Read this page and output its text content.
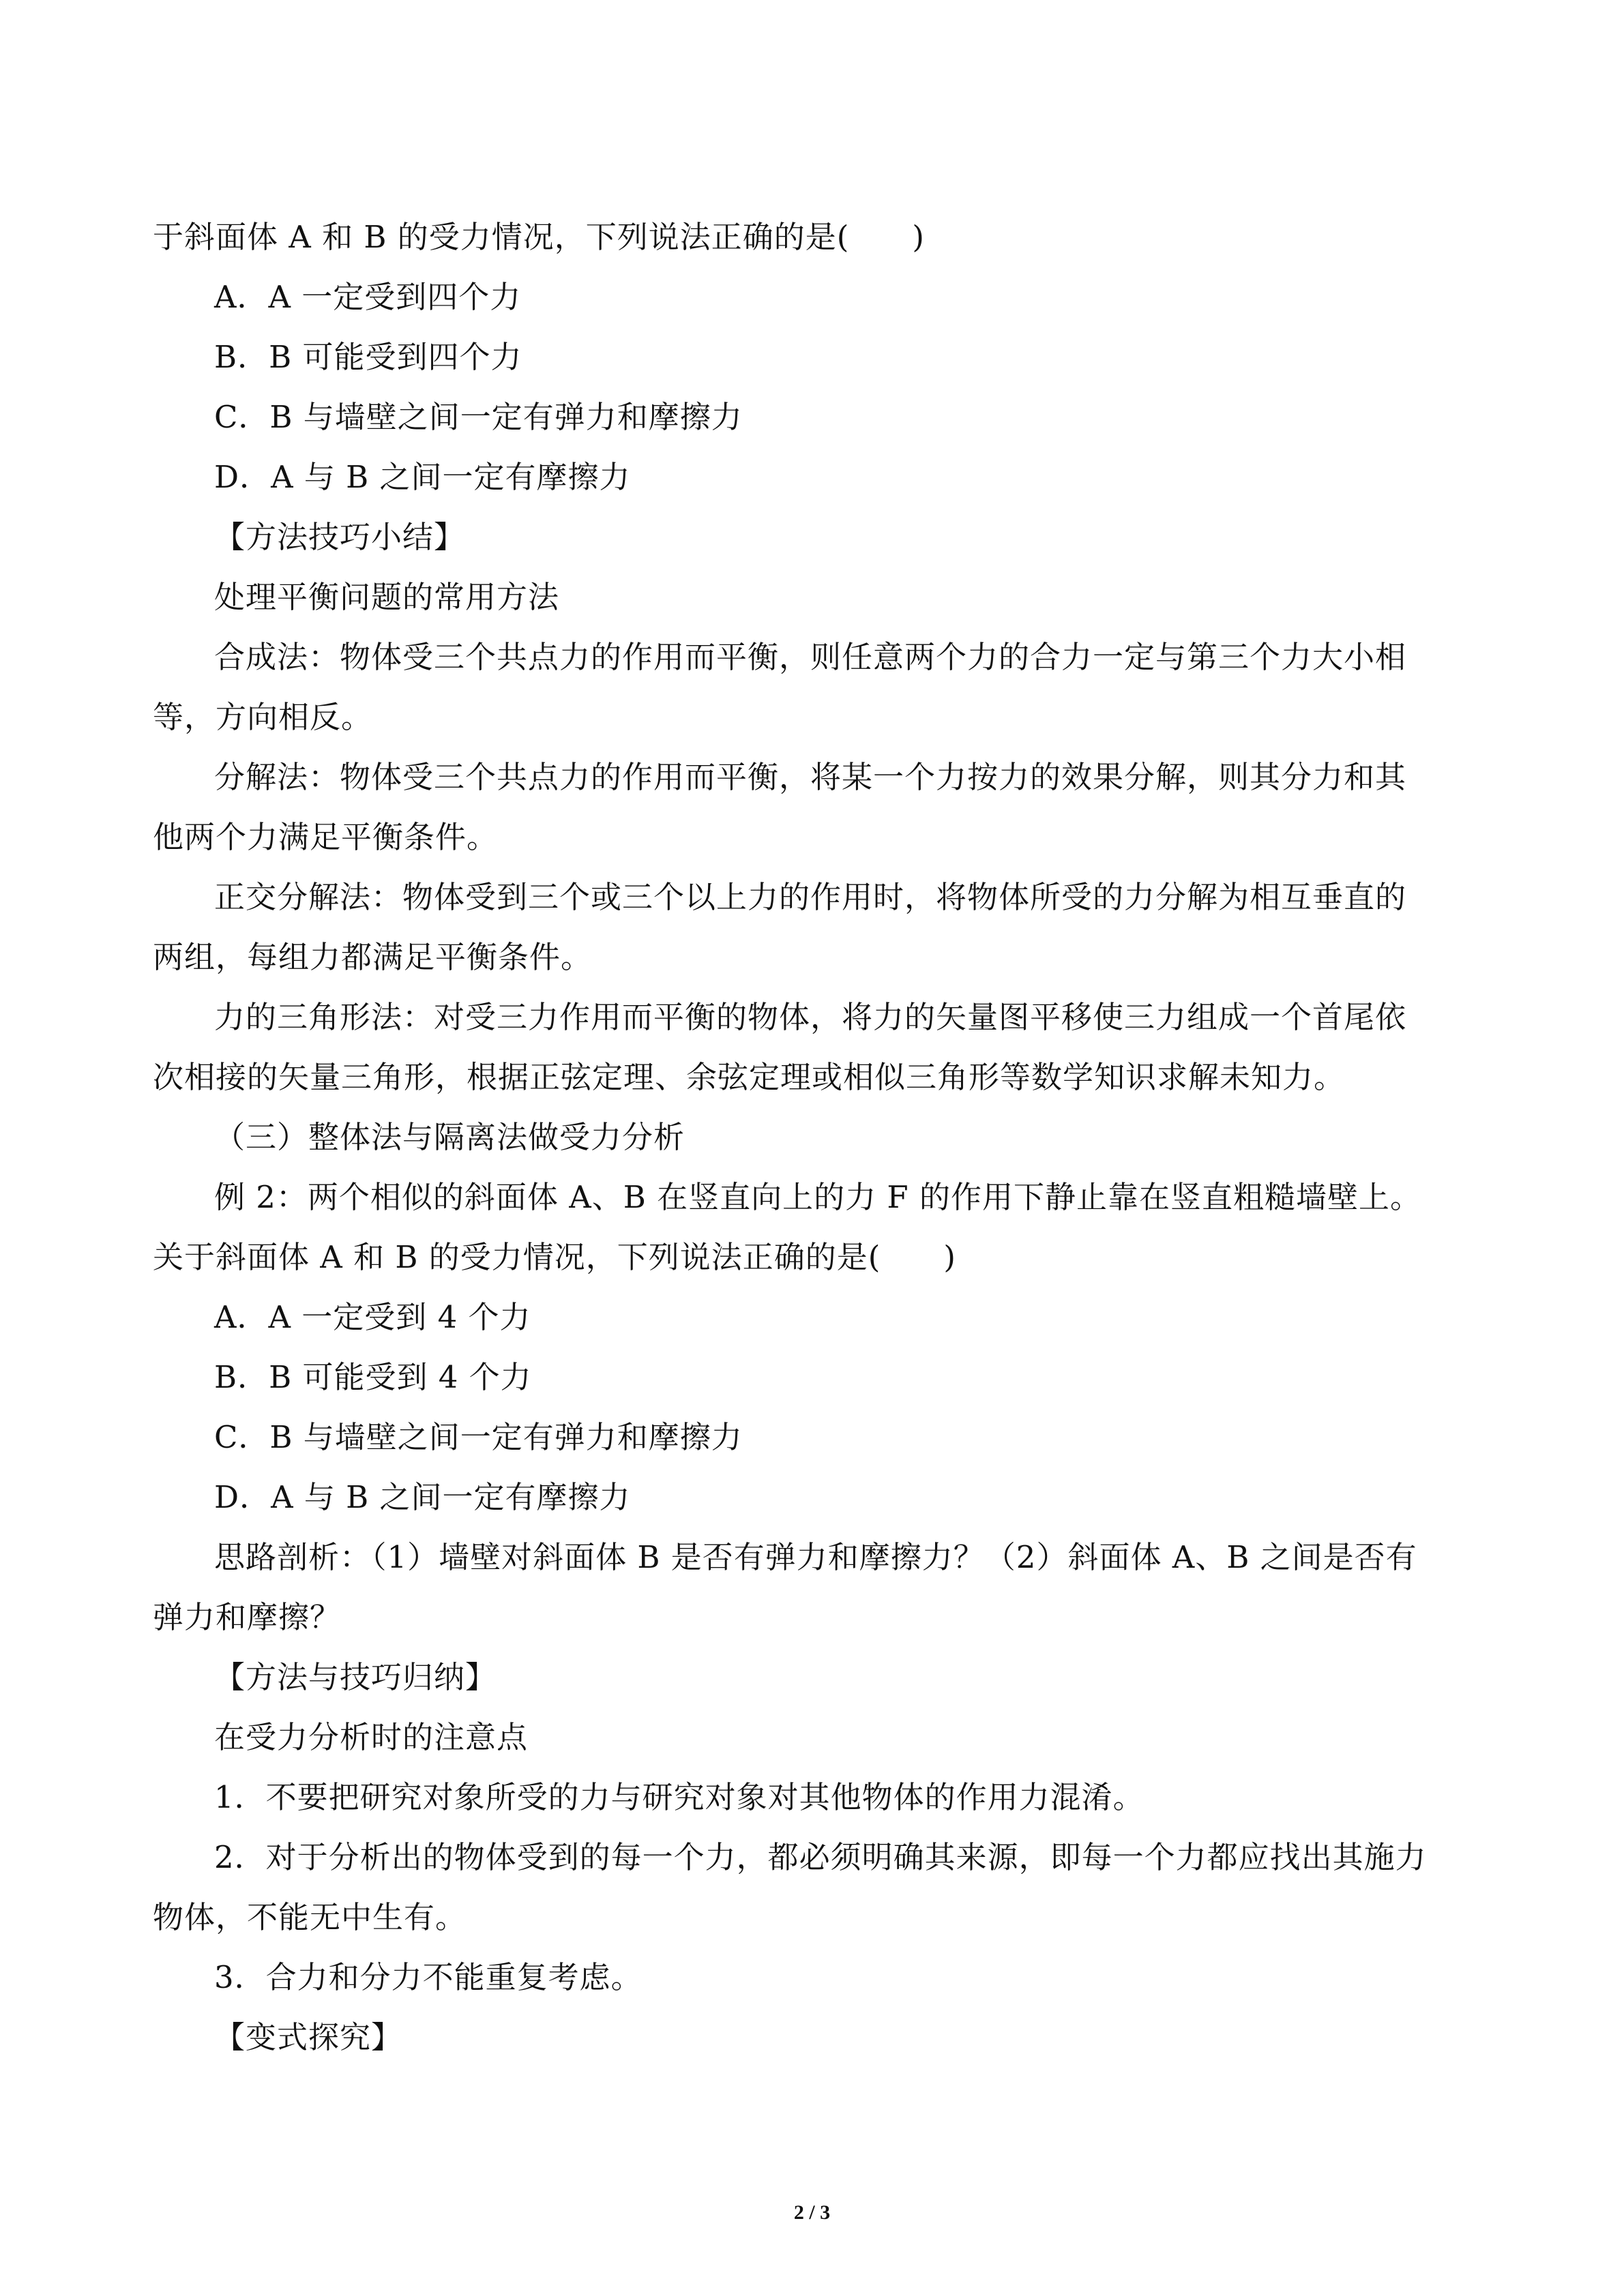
于斜面体 A 和 B 的受力情况，下列说法正确的是(　　)
A．A 一定受到四个力
B．B 可能受到四个力
C．B 与墙壁之间一定有弹力和摩擦力
D．A 与 B 之间一定有摩擦力
【方法技巧小结】
处理平衡问题的常用方法
合成法：物体受三个共点力的作用而平衡，则任意两个力的合力一定与第三个力大小相
等，方向相反。
分解法：物体受三个共点力的作用而平衡，将某一个力按力的效果分解，则其分力和其
他两个力满足平衡条件。
正交分解法：物体受到三个或三个以上力的作用时，将物体所受的力分解为相互垂直的
两组，每组力都满足平衡条件。
力的三角形法：对受三力作用而平衡的物体，将力的矢量图平移使三力组成一个首尾依
次相接的矢量三角形，根据正弦定理、余弦定理或相似三角形等数学知识求解未知力。
（三）整体法与隔离法做受力分析
例 2：两个相似的斜面体 A、B 在竖直向上的力 F 的作用下静止靠在竖直粗糙墙壁上。
关于斜面体 A 和 B 的受力情况，下列说法正确的是(　　)
A．A 一定受到 4 个力
B．B 可能受到 4 个力
C．B 与墙壁之间一定有弹力和摩擦力
D．A 与 B 之间一定有摩擦力
思路剖析：（1）墙壁对斜面体 B 是否有弹力和摩擦力？（2）斜面体 A、B 之间是否有
弹力和摩擦？
【方法与技巧归纳】
在受力分析时的注意点
1．不要把研究对象所受的力与研究对象对其他物体的作用力混淆。
2．对于分析出的物体受到的每一个力，都必须明确其来源，即每一个力都应找出其施力
物体，不能无中生有。
3．合力和分力不能重复考虑。
【变式探究】
2 / 3
